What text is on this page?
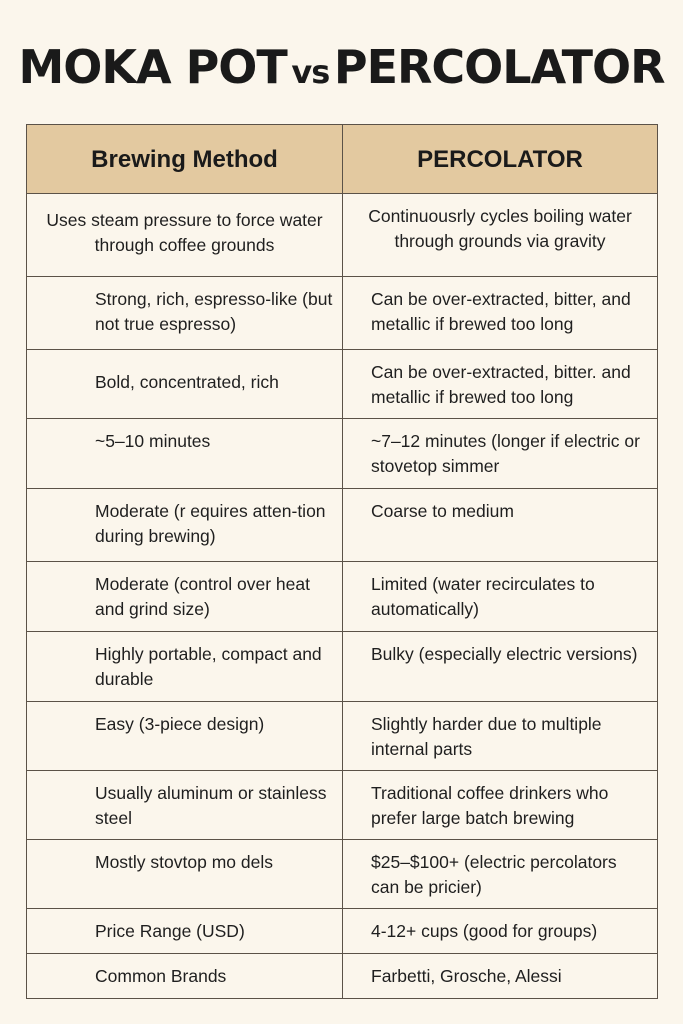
MOKA POT vs PERCOLATOR
Brewing Method	PERCOLATOR
Uses steam pressure to force water through coffee grounds	Continuousrly cycles boiling water through grounds via gravity
Strong, rich, espresso-like (but not true espresso)	Can be over-extracted, bitter, and metallic if brewed too long
Bold, concentrated, rich	Can be over-extracted, bitter. and metallic if brewed too long
~5–10 minutes	~7–12 minutes (longer if electric or stovetop simmer
Moderate (r equires atten-tion during brewing)	Coarse to medium
Moderate (control over heat and grind size)	Limited (water recirculates to automatically)
Highly portable, compact and durable	Bulky (especially electric versions)
Easy (3-piece design)	Slightly harder due to multiple internal parts
Usually aluminum or stainless steel	Traditional coffee drinkers who prefer large batch brewing
Mostly stovtop mo dels	$25–$100+ (electric percolators can be pricier)
Price Range (USD)	4-12+ cups (good for groups)
Common Brands	Farbetti, Grosche, Alessi
